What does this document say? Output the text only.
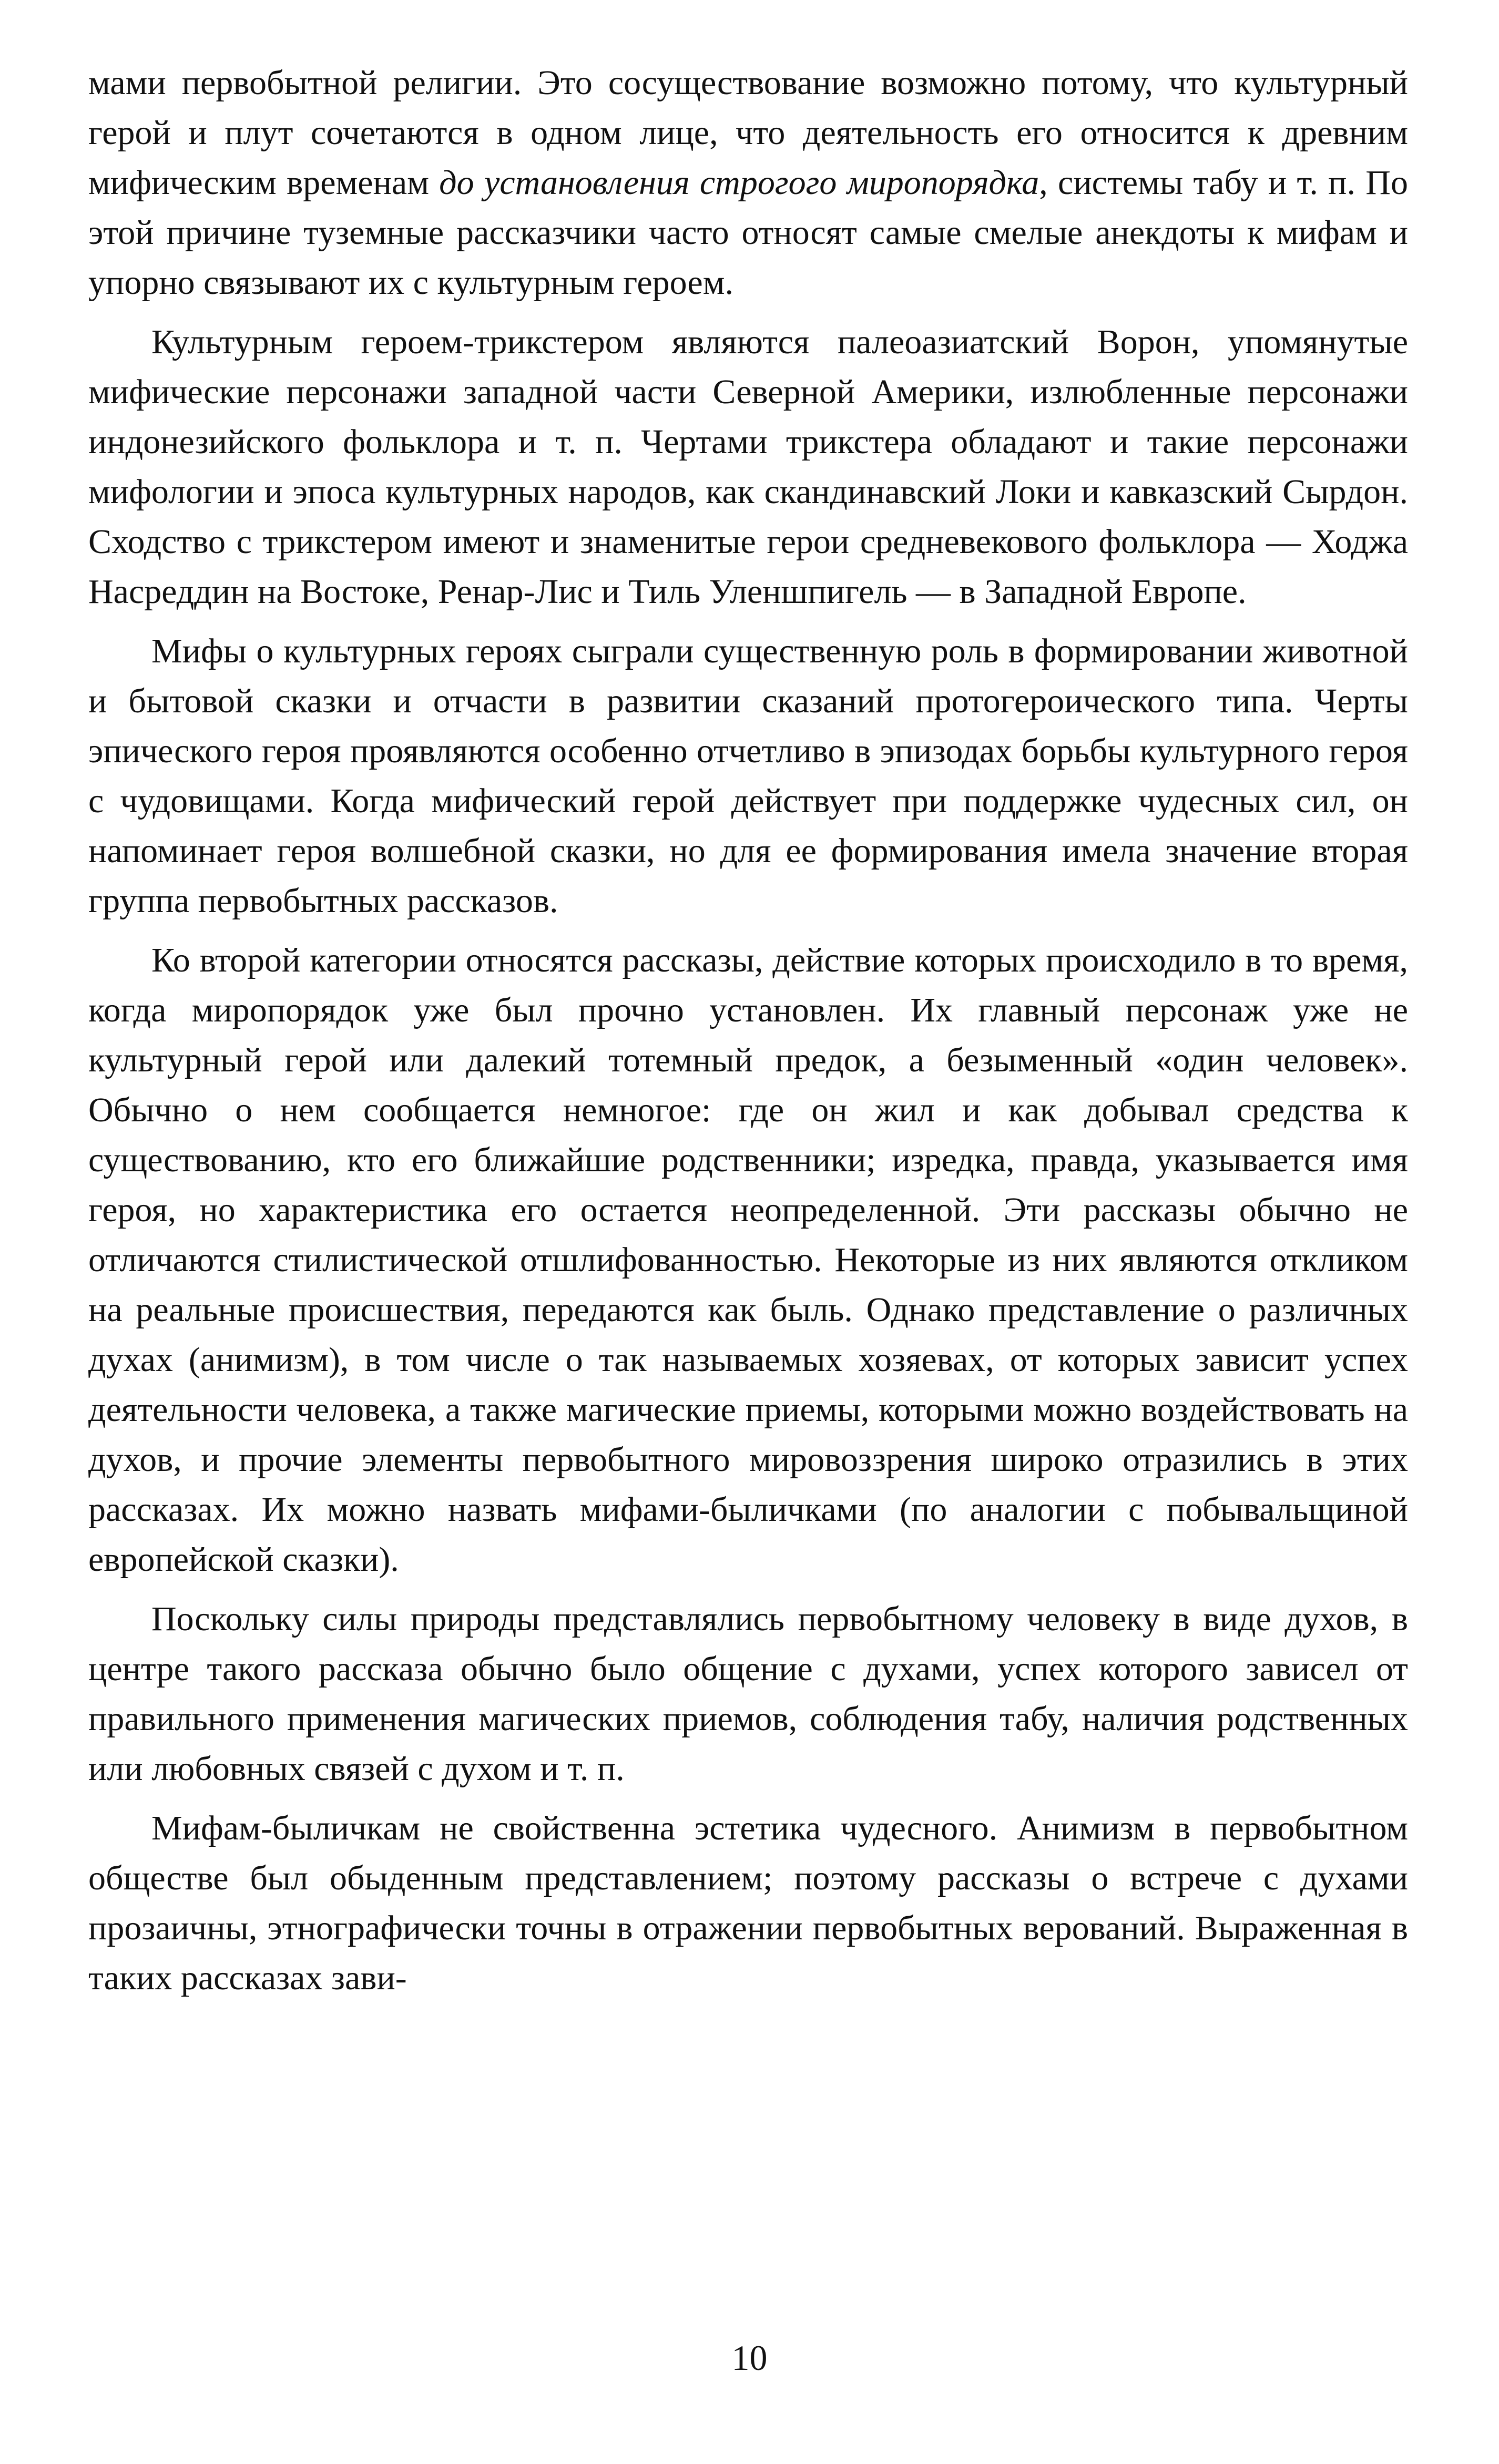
мами первобытной религии. Это сосуществование возможно потому, что культурный герой и плут сочетаются в одном лице, что деятельность его относится к древним мифическим временам до установления строгого миропорядка, системы табу и т. п. По этой причине туземные рассказчики часто относят самые смелые анекдоты к мифам и упорно связывают их с культурным героем.

Культурным героем-трикстером являются палеоазиатский Ворон, упомянутые мифические персонажи западной части Северной Америки, излюбленные персонажи индонезийского фольклора и т. п. Чертами трикстера обладают и такие персонажи мифологии и эпоса культурных народов, как скандинавский Локи и кавказский Сырдон. Сходство с трикстером имеют и знаменитые герои средневекового фольклора — Ходжа Насреддин на Востоке, Ренар-Лис и Тиль Уленшпигель — в Западной Европе.

Мифы о культурных героях сыграли существенную роль в формировании животной и бытовой сказки и отчасти в развитии сказаний протогероического типа. Черты эпического героя проявляются особенно отчетливо в эпизодах борьбы культурного героя с чудовищами. Когда мифический герой действует при поддержке чудесных сил, он напоминает героя волшебной сказки, но для ее формирования имела значение вторая группа первобытных рассказов.

Ко второй категории относятся рассказы, действие которых происходило в то время, когда миропорядок уже был прочно установлен. Их главный персонаж уже не культурный герой или далекий тотемный предок, а безыменный «один человек». Обычно о нем сообщается немногое: где он жил и как добывал средства к существованию, кто его ближайшие родственники; изредка, правда, указывается имя героя, но характеристика его остается неопределенной. Эти рассказы обычно не отличаются стилистической отшлифованностью. Некоторые из них являются откликом на реальные происшествия, передаются как быль. Однако представление о различных духах (анимизм), в том числе о так называемых хозяевах, от которых зависит успех деятельности человека, а также магические приемы, которыми можно воздействовать на духов, и прочие элементы первобытного мировоззрения широко отразились в этих рассказах. Их можно назвать мифами-быличками (по аналогии с побывальщиной европейской сказки).

Поскольку силы природы представлялись первобытному человеку в виде духов, в центре такого рассказа обычно было общение с духами, успех которого зависел от правильного применения магических приемов, соблюдения табу, наличия родственных или любовных связей с духом и т. п.

Мифам-быличкам не свойственна эстетика чудесного. Анимизм в первобытном обществе был обыденным представлением; поэтому рассказы о встрече с духами прозаичны, этнографически точны в отражении первобытных верований. Выраженная в таких рассказах зави-

10
